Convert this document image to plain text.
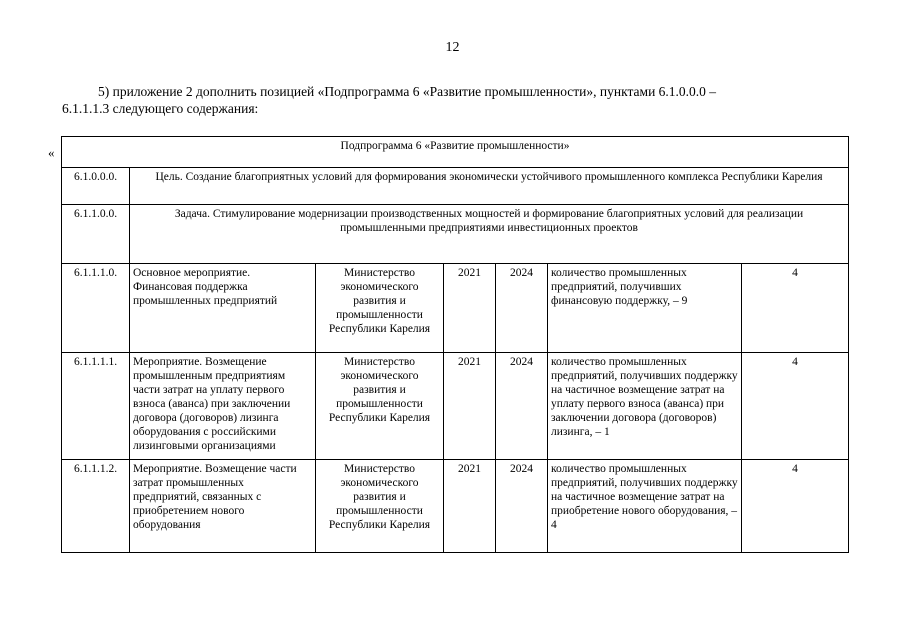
12
5) приложение 2 дополнить позицией «Подпрограмма 6 «Развитие промышленности», пунктами 6.1.0.0.0 –
6.1.1.1.3 следующего содержания:
«	Подпрограмма 6 «Развитие промышленности»						
6.1.0.0.0.	Цель. Создание благоприятных условий для формирования экономически устойчивого промышленного комплекса Республики Карелия					
6.1.1.0.0.	Задача. Стимулирование модернизации производственных мощностей и формирование благоприятных условий для реализации промышленными предприятиями инвестиционных проектов					
6.1.1.1.0.	Основное мероприятие. Финансовая поддержка промышленных предприятий	Министерство экономического развития и промышленности Республики Карелия	2021	2024	количество промышленных предприятий, получивших финансовую поддержку, – 9	4
6.1.1.1.1.	Мероприятие. Возмещение промышленным предприятиям части затрат на уплату первого взноса (аванса) при заключении договора (договоров) лизинга оборудования с российскими лизинговыми организациями	Министерство экономического развития и промышленности Республики Карелия	2021	2024	количество промышленных предприятий, получивших поддержку на частичное возмещение затрат на уплату первого взноса (аванса) при заключении договора (договоров) лизинга, – 1	4
6.1.1.1.2.	Мероприятие. Возмещение части затрат промышленных предприятий, связанных с приобретением нового оборудования	Министерство экономического развития и промышленности Республики Карелия	2021	2024	количество промышленных предприятий, получивших поддержку на частичное возмещение затрат на приобретение нового оборудования, – 4	4
